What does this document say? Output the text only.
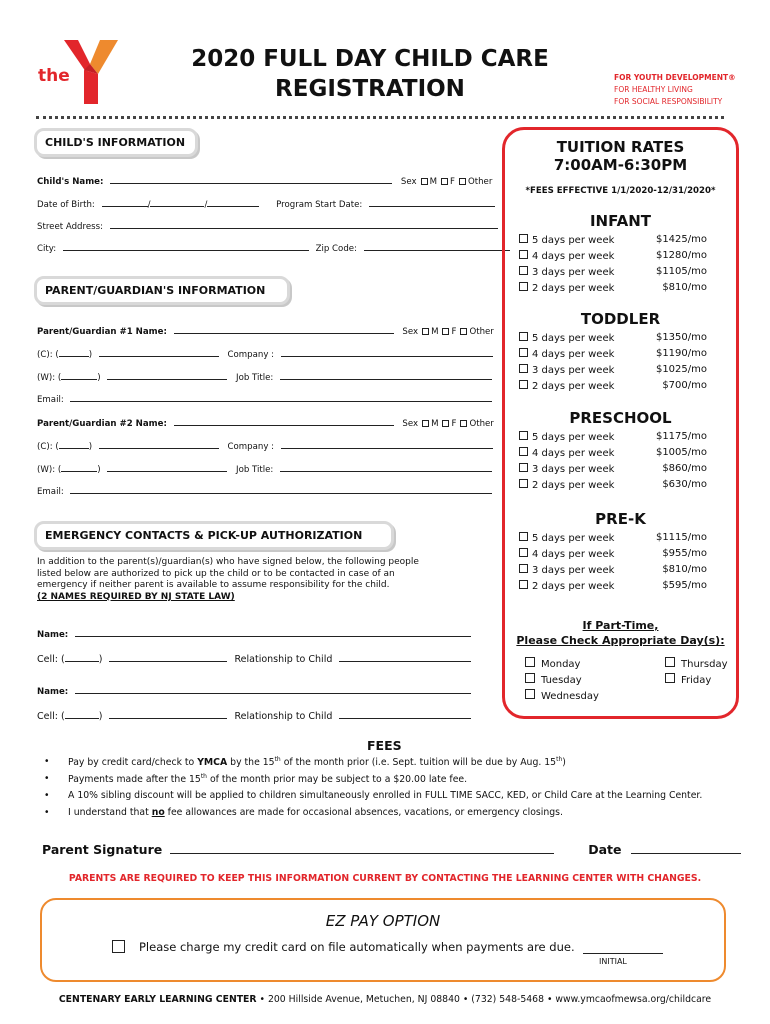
the
YMCA
2020 FULL DAY CHILD CARE
REGISTRATION	FOR YOUTH DEVELOPMENT®
FOR HEALTHY LIVING
FOR SOCIAL RESPONSIBILITY
CHILD'S INFORMATION
Child's Name:	Sex M F Other
Date of Birth:	/	/	Program Start Date:
Street Address:
City:	Zip Code:
PARENT/GUARDIAN'S INFORMATION
Parent/Guardian #1 Name:	Sex M F Other
(C): (	)	Company :
(W): (	)	Job Title:
Email:
Parent/Guardian #2 Name:	Sex M F Other
(C): (	)	Company :
(W): (	)	Job Title:
Email:
EMERGENCY CONTACTS & PICK-UP AUTHORIZATION
In addition to the parent(s)/guardian(s) who have signed below, the following people
listed below are authorized to pick up the child or to be contacted in case of an
emergency if neither parent is available to assume responsibility for the child.
(2 NAMES REQUIRED BY NJ STATE LAW)
Name:
Cell: (	)	Relationship to Child
Name:
Cell: (	)	Relationship to Child
TUITION RATES
7:00AM-6:30PM
*FEES EFFECTIVE 1/1/2020-12/31/2020*
INFANT
5 days per week	$1425/mo
4 days per week	$1280/mo
3 days per week	$1105/mo
2 days per week	$810/mo
TODDLER
5 days per week	$1350/mo
4 days per week	$1190/mo
3 days per week	$1025/mo
2 days per week	$700/mo
PRESCHOOL
5 days per week	$1175/mo
4 days per week	$1005/mo
3 days per week	$860/mo
2 days per week	$630/mo
PRE-K
5 days per week	$1115/mo
4 days per week	$955/mo
3 days per week	$810/mo
2 days per week	$595/mo
If Part-Time,
Please Check Appropriate Day(s):
Monday	Thursday
Tuesday	Friday
Wednesday
FEES
• Pay by credit card/check to YMCA by the 15th of the month prior (i.e. Sept. tuition will be due by Aug. 15th)
• Payments made after the 15th of the month prior may be subject to a $20.00 late fee.
• A 10% sibling discount will be applied to children simultaneously enrolled in FULL TIME SACC, KED, or Child Care at the Learning Center.
• I understand that no fee allowances are made for occasional absences, vacations, or emergency closings.
Parent Signature	Date
PARENTS ARE REQUIRED TO KEEP THIS INFORMATION CURRENT BY CONTACTING THE LEARNING CENTER WITH CHANGES.
EZ PAY OPTION
Please charge my credit card on file automatically when payments are due.
INITIAL
CENTENARY EARLY LEARNING CENTER • 200 Hillside Avenue, Metuchen, NJ 08840 • (732) 548-5468 • www.ymcaofmewsa.org/childcare
